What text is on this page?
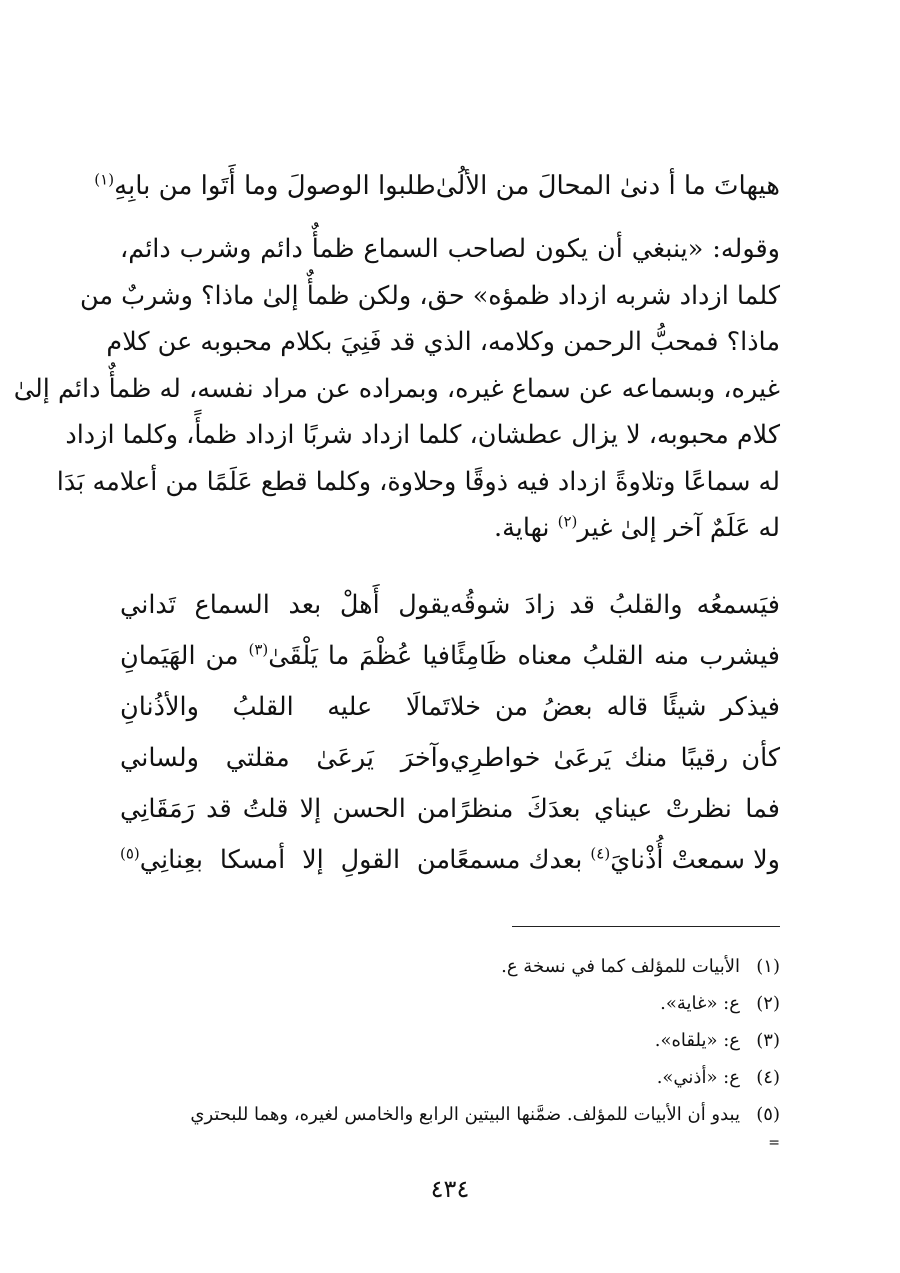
هيهاتَ ما أ دنىٰ المحالَ من الألُىٰ
طلبوا الوصولَ وما أَتَوا من بابِهِ$^{(١)}$

وقوله: «ينبغي أن يكون لصاحب السماع ظمأٌ دائم وشرب دائم،
كلما ازداد شربه ازداد ظمؤه» حق، ولكن ظمأٌ إلىٰ ماذا؟ وشربٌ من
ماذا؟ فمحبُّ الرحمن وكلامه، الذي قد فَنِيَ بكلام محبوبه عن كلام
غيره، وبسماعه عن سماع غيره، وبمراده عن مراد نفسه، له ظمأٌ دائم إلىٰ
كلام محبوبه، لا يزال عطشان، كلما ازداد شربًا ازداد ظمأً، وكلما ازداد
له سماعًا وتلاوةً ازداد فيه ذوقًا وحلاوة، وكلما قطع عَلَمًا من أعلامه بَدَا
له عَلَمٌ آخر إلىٰ غير$^{(٢)}$ نهاية.

فيَسمعُه والقلبُ قد زادَ شوقُه
يقول أَهلْ بعد السماع تَداني
فيشرب منه القلبُ معناه ظَامِئًا
فيا عُظْمَ ما يَلْقَىٰ$^{(٣)}$ من الهَيَمانِ
فيذكر شيئًا قاله بعضُ من خلا
تَمالَا عليه القلبُ والأذُنانِ
كأن رقيبًا منك يَرعَىٰ خواطرِي
وآخرَ يَرعَىٰ مقلتي ولساني
فما نظرتْ عيناي بعدَكَ منظرًا
من الحسن إلا قلتُ قد رَمَقَانِي
ولا سمعتْ أُذْنايَ$^{(٤)}$ بعدك مسمعًا
من القولِ إلا أمسكا بعِنانِي$^{(٥)}$
(١)
الأبيات للمؤلف كما في نسخة ع.
(٢)
ع: «غاية».
(٣)
ع: «يلقاه».
(٤)
ع: «أذني».
(٥)
يبدو أن الأبيات للمؤلف. ضمَّنها البيتين الرابع والخامس لغيره، وهما للبحتري
=
٤٣٤
